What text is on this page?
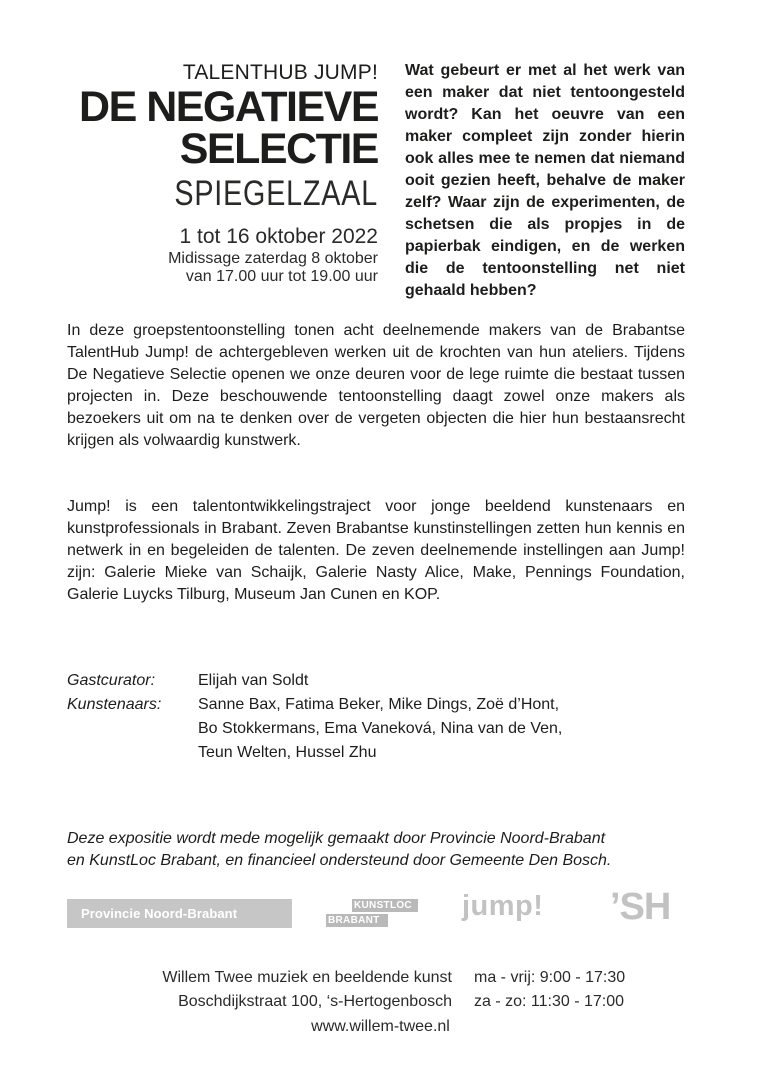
TALENTHUB JUMP!
DE NEGATIEVE
SELECTIE
SPIEGELZAAL
1 tot 16 oktober 2022
Midissage zaterdag 8 oktober
van 17.00 uur tot 19.00 uur
Wat gebeurt er met al het werk van een maker dat niet tentoongesteld wordt? Kan het oeuvre van een maker compleet zijn zonder hierin ook alles mee te nemen dat niemand ooit gezien heeft, behalve de maker zelf? Waar zijn de experimenten, de schetsen die als propjes in de papierbak eindigen, en de werken die de tentoonstelling net niet gehaald hebben?
In deze groepstentoonstelling tonen acht deelnemende makers van de Brabantse TalentHub Jump! de achtergebleven werken uit de krochten van hun ateliers. Tijdens De Negatieve Selectie openen we onze deuren voor de lege ruimte die bestaat tussen projecten in. Deze beschouwende tentoonstelling daagt zowel onze makers als bezoekers uit om na te denken over de vergeten objecten die hier hun bestaansrecht krijgen als volwaardig kunstwerk.
Jump! is een talentontwikkelingstraject voor jonge beeldend kunstenaars en kunstprofessionals in Brabant. Zeven Brabantse kunstinstellingen zetten hun kennis en netwerk in en begeleiden de talenten. De zeven deelnemende instellingen aan Jump! zijn: Galerie Mieke van Schaijk, Galerie Nasty Alice, Make, Pennings Foundation, Galerie Luycks Tilburg, Museum Jan Cunen en KOP.
Gastcurator:	Elijah van Soldt
Kunstenaars: Sanne Bax, Fatima Beker, Mike Dings, Zoë d’Hont,
Bo Stokkermans, Ema Vaneková, Nina van de Ven,
Teun Welten, Hussel Zhu
Deze expositie wordt mede mogelijk gemaakt door Provincie Noord-Brabant
en KunstLoc Brabant, en financieel ondersteund door Gemeente Den Bosch.
Provincie Noord-Brabant
KUNSTLOC
BRABANT	jump! ’SH
Willem Twee muziek en beeldende kunst
Boschdijkstraat 100, ‘s-Hertogenbosch
ma - vrij: 9:00 - 17:30
za - zo: 11:30 - 17:00
www.willem-twee.nl
